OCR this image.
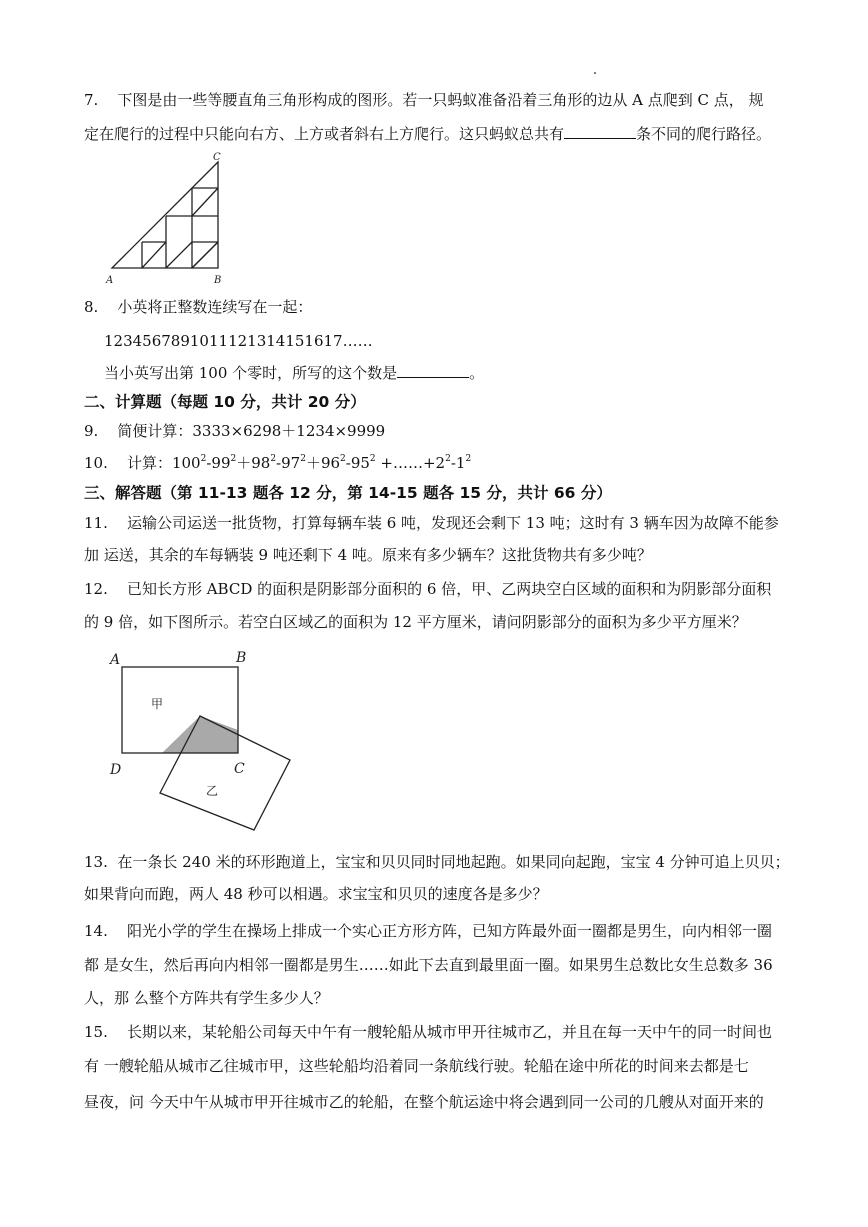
7. 下图是由一些等腰直角三角形构成的图形。若一只蚂蚁准备沿着三角形的边从 A 点爬到 C 点， 规
定在爬行的过程中只能向右方、上方或者斜右上方爬行。这只蚂蚁总共有	条不同的爬行路径。
A	B
C
8. 小英将正整数连续写在一起：
1234567891011121314151617……
当小英写出第 100 个零时，所写的这个数是	。
二、计算题（每题 10 分，共计 20 分）
9. 简便计算：3333×6298＋1234×9999
10. 计算：$100^2-99^2+98^2-97^2+96^2-95^2$ $+\dots\dots+2^2-1^2$
三、解答题（第 11-13 题各 12 分，第 14-15 题各 15 分，共计 66 分）
11. 运输公司运送一批货物，打算每辆车装 6 吨，发现还会剩下 13 吨；这时有 3 辆车因为故障不能参
加 运送，其余的车每辆装 9 吨还剩下 4 吨。原来有多少辆车？这批货物共有多少吨？
12. 已知长方形 ABCD 的面积是阴影部分面积的 6 倍，甲、乙两块空白区域的面积和为阴影部分面积
的 9 倍，如下图所示。若空白区域乙的面积为 12 平方厘米，请问阴影部分的面积为多少平方厘米？
A	B
C
D
甲
乙
13. 在一条长 240 米的环形跑道上，宝宝和贝贝同时同地起跑。如果同向起跑，宝宝 4 分钟可追上贝贝；
如果背向而跑，两人 48 秒可以相遇。求宝宝和贝贝的速度各是多少？
14. 阳光小学的学生在操场上排成一个实心正方形方阵，已知方阵最外面一圈都是男生，向内相邻一圈
都 是女生，然后再向内相邻一圈都是男生……如此下去直到最里面一圈。如果男生总数比女生总数多 36
人，那 么整个方阵共有学生多少人？
15. 长期以来，某轮船公司每天中午有一艘轮船从城市甲开往城市乙，并且在每一天中午的同一时间也
有 一艘轮船从城市乙往城市甲，这些轮船均沿着同一条航线行驶。轮船在途中所花的时间来去都是七
昼夜，问 今天中午从城市甲开往城市乙的轮船，在整个航运途中将会遇到同一公司的几艘从对面开来的
